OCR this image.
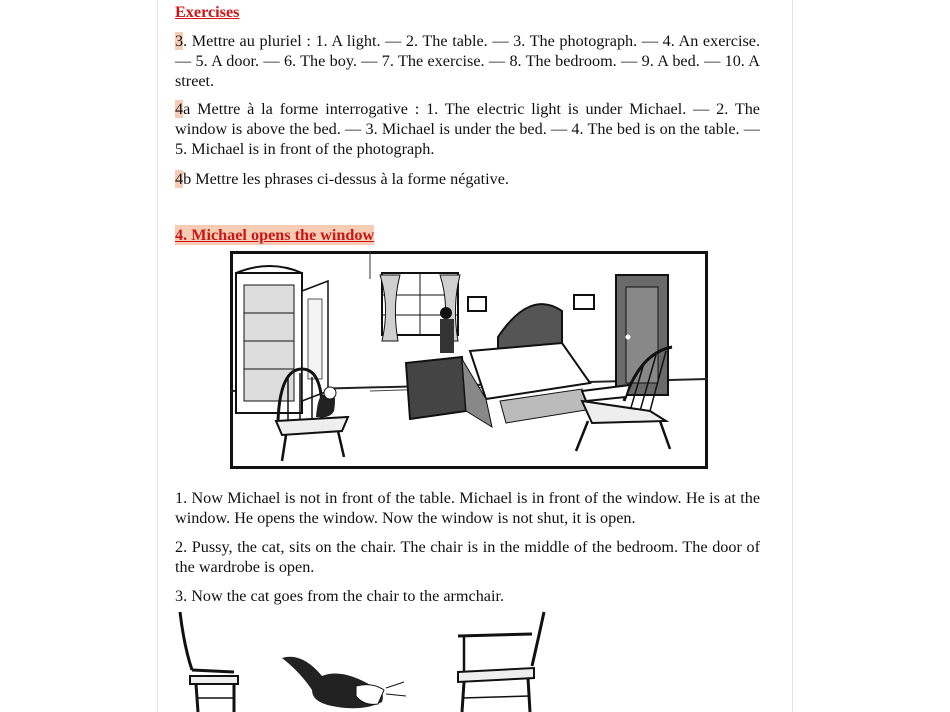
Exercises

3. Mettre au pluriel : 1. A light. — 2. The table. — 3. The photograph. — 4. An exercise. — 5. A door. — 6. The boy. — 7. The exercise. — 8. The bedroom. — 9. A bed. — 10. A street.

4a Mettre à la forme interrogative : 1. The electric light is under Michael. — 2. The window is above the bed. — 3. Michael is under the bed. — 4. The bed is on the table. — 5. Michael is in front of the photograph.

4b Mettre les phrases ci-dessus à la forme négative.

4. Michael opens the window

1. Now Michael is not in front of the table. Michael is in front of the window. He is at the window. He opens the window. Now the window is not shut, it is open.

2. Pussy, the cat, sits on the chair. The chair is in the middle of the bedroom. The door of the wardrobe is open.

3. Now the cat goes from the chair to the armchair.
